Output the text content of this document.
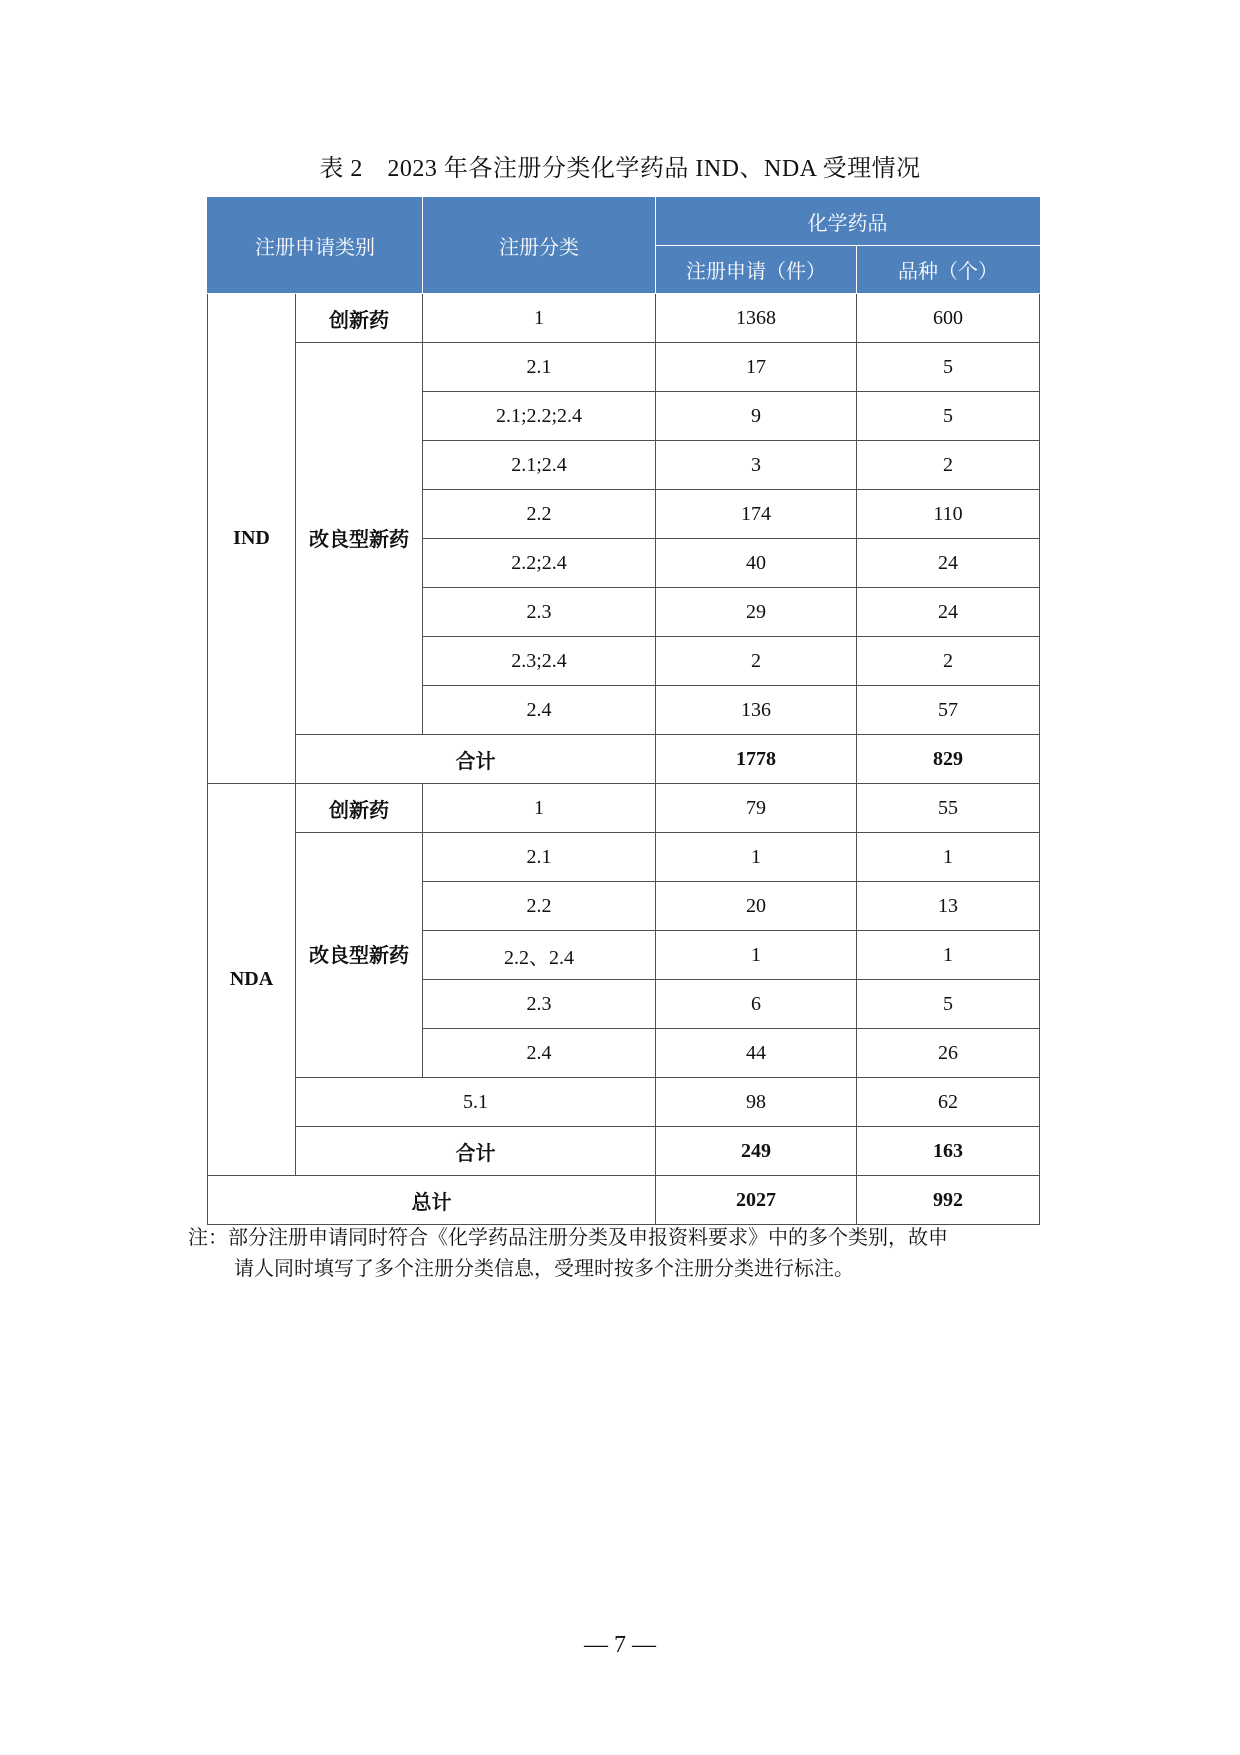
表 2　2023 年各注册分类化学药品 IND、NDA 受理情况
注册申请类别		注册分类	化学药品	
			注册申请（件）	品种（个）
IND	创新药	1	1368	600
	改良型新药	2.1	17	5
		2.1;2.2;2.4	9	5
		2.1;2.4	3	2
		2.2	174	110
		2.2;2.4	40	24
		2.3	29	24
		2.3;2.4	2	2
		2.4	136	57
	合计		1778	829
NDA	创新药	1	79	55
	改良型新药	2.1	1	1
		2.2	20	13
		2.2、2.4	1	1
		2.3	6	5
		2.4	44	26
	5.1		98	62
	合计		249	163
总计			2027	992
注：部分注册申请同时符合《化学药品注册分类及申报资料要求》中的多个类别，故申
请人同时填写了多个注册分类信息，受理时按多个注册分类进行标注。
— 7 —
